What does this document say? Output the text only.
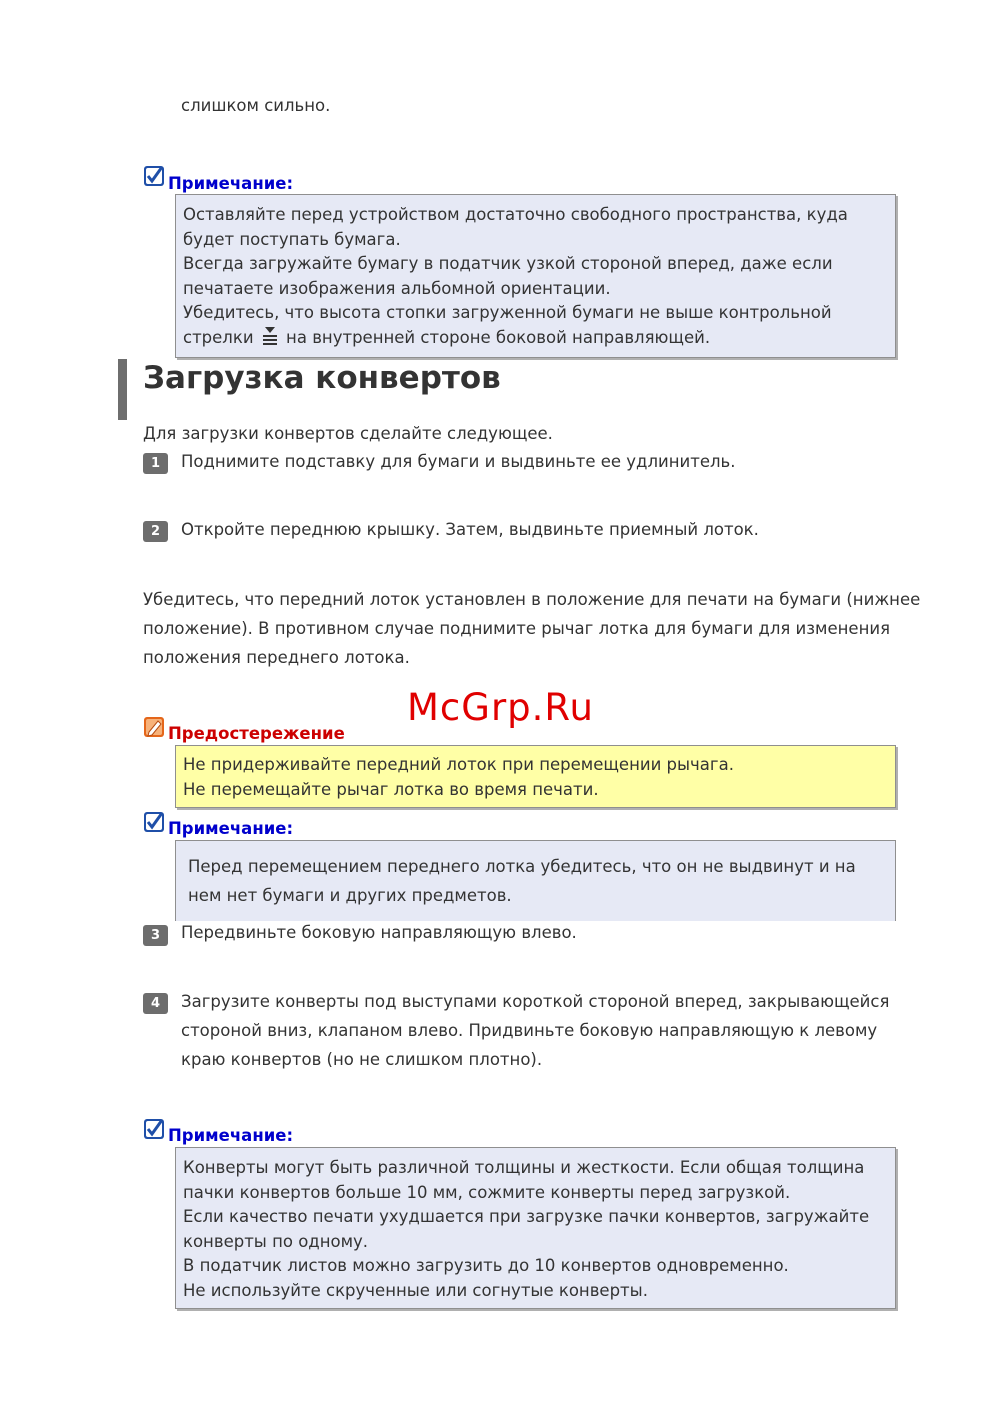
слишком сильно.
Примечание:

Оставляйте перед устройством достаточно свободного пространства, куда

будет поступать бумага.

Всегда загружайте бумагу в податчик узкой стороной вперед, даже если

печатаете изображения альбомной ориентации.

Убедитесь, что высота стопки загруженной бумаги не выше контрольной

стрелки на внутренней стороне боковой направляющей.

Загрузка конвертов
Для загрузки конвертов сделайте следующее.
1	Поднимите подставку для бумаги и выдвиньте ее удлинитель.
2	Откройте переднюю крышку. Затем, выдвиньте приемный лоток.
Убедитесь, что передний лоток установлен в положение для печати на бумаги (нижнее
положение). В противном случае поднимите рычаг лотка для бумаги для изменения
положения переднего лотока.
McGrp.Ru
Предостережение

Не придерживайте передний лоток при перемещении рычага.

Не перемещайте рычаг лотка во время печати.

Примечание:

Перед перемещением переднего лотка убедитесь, что он не выдвинут и на

нем нет бумаги и других предметов.

3	Передвиньте боковую направляющую влево.
4	Загрузите конверты под выступами короткой стороной вперед, закрывающейся
стороной вниз, клапаном влево. Придвиньте боковую направляющую к левому
краю конвертов (но не слишком плотно).
Примечание:

Конверты могут быть различной толщины и жесткости. Если общая толщина

пачки конвертов больше 10 мм, сожмите конверты перед загрузкой.

Если качество печати ухудшается при загрузке пачки конвертов, загружайте

конверты по одному.

В податчик листов можно загрузить до 10 конвертов одновременно.

Не используйте скрученные или согнутые конверты.
